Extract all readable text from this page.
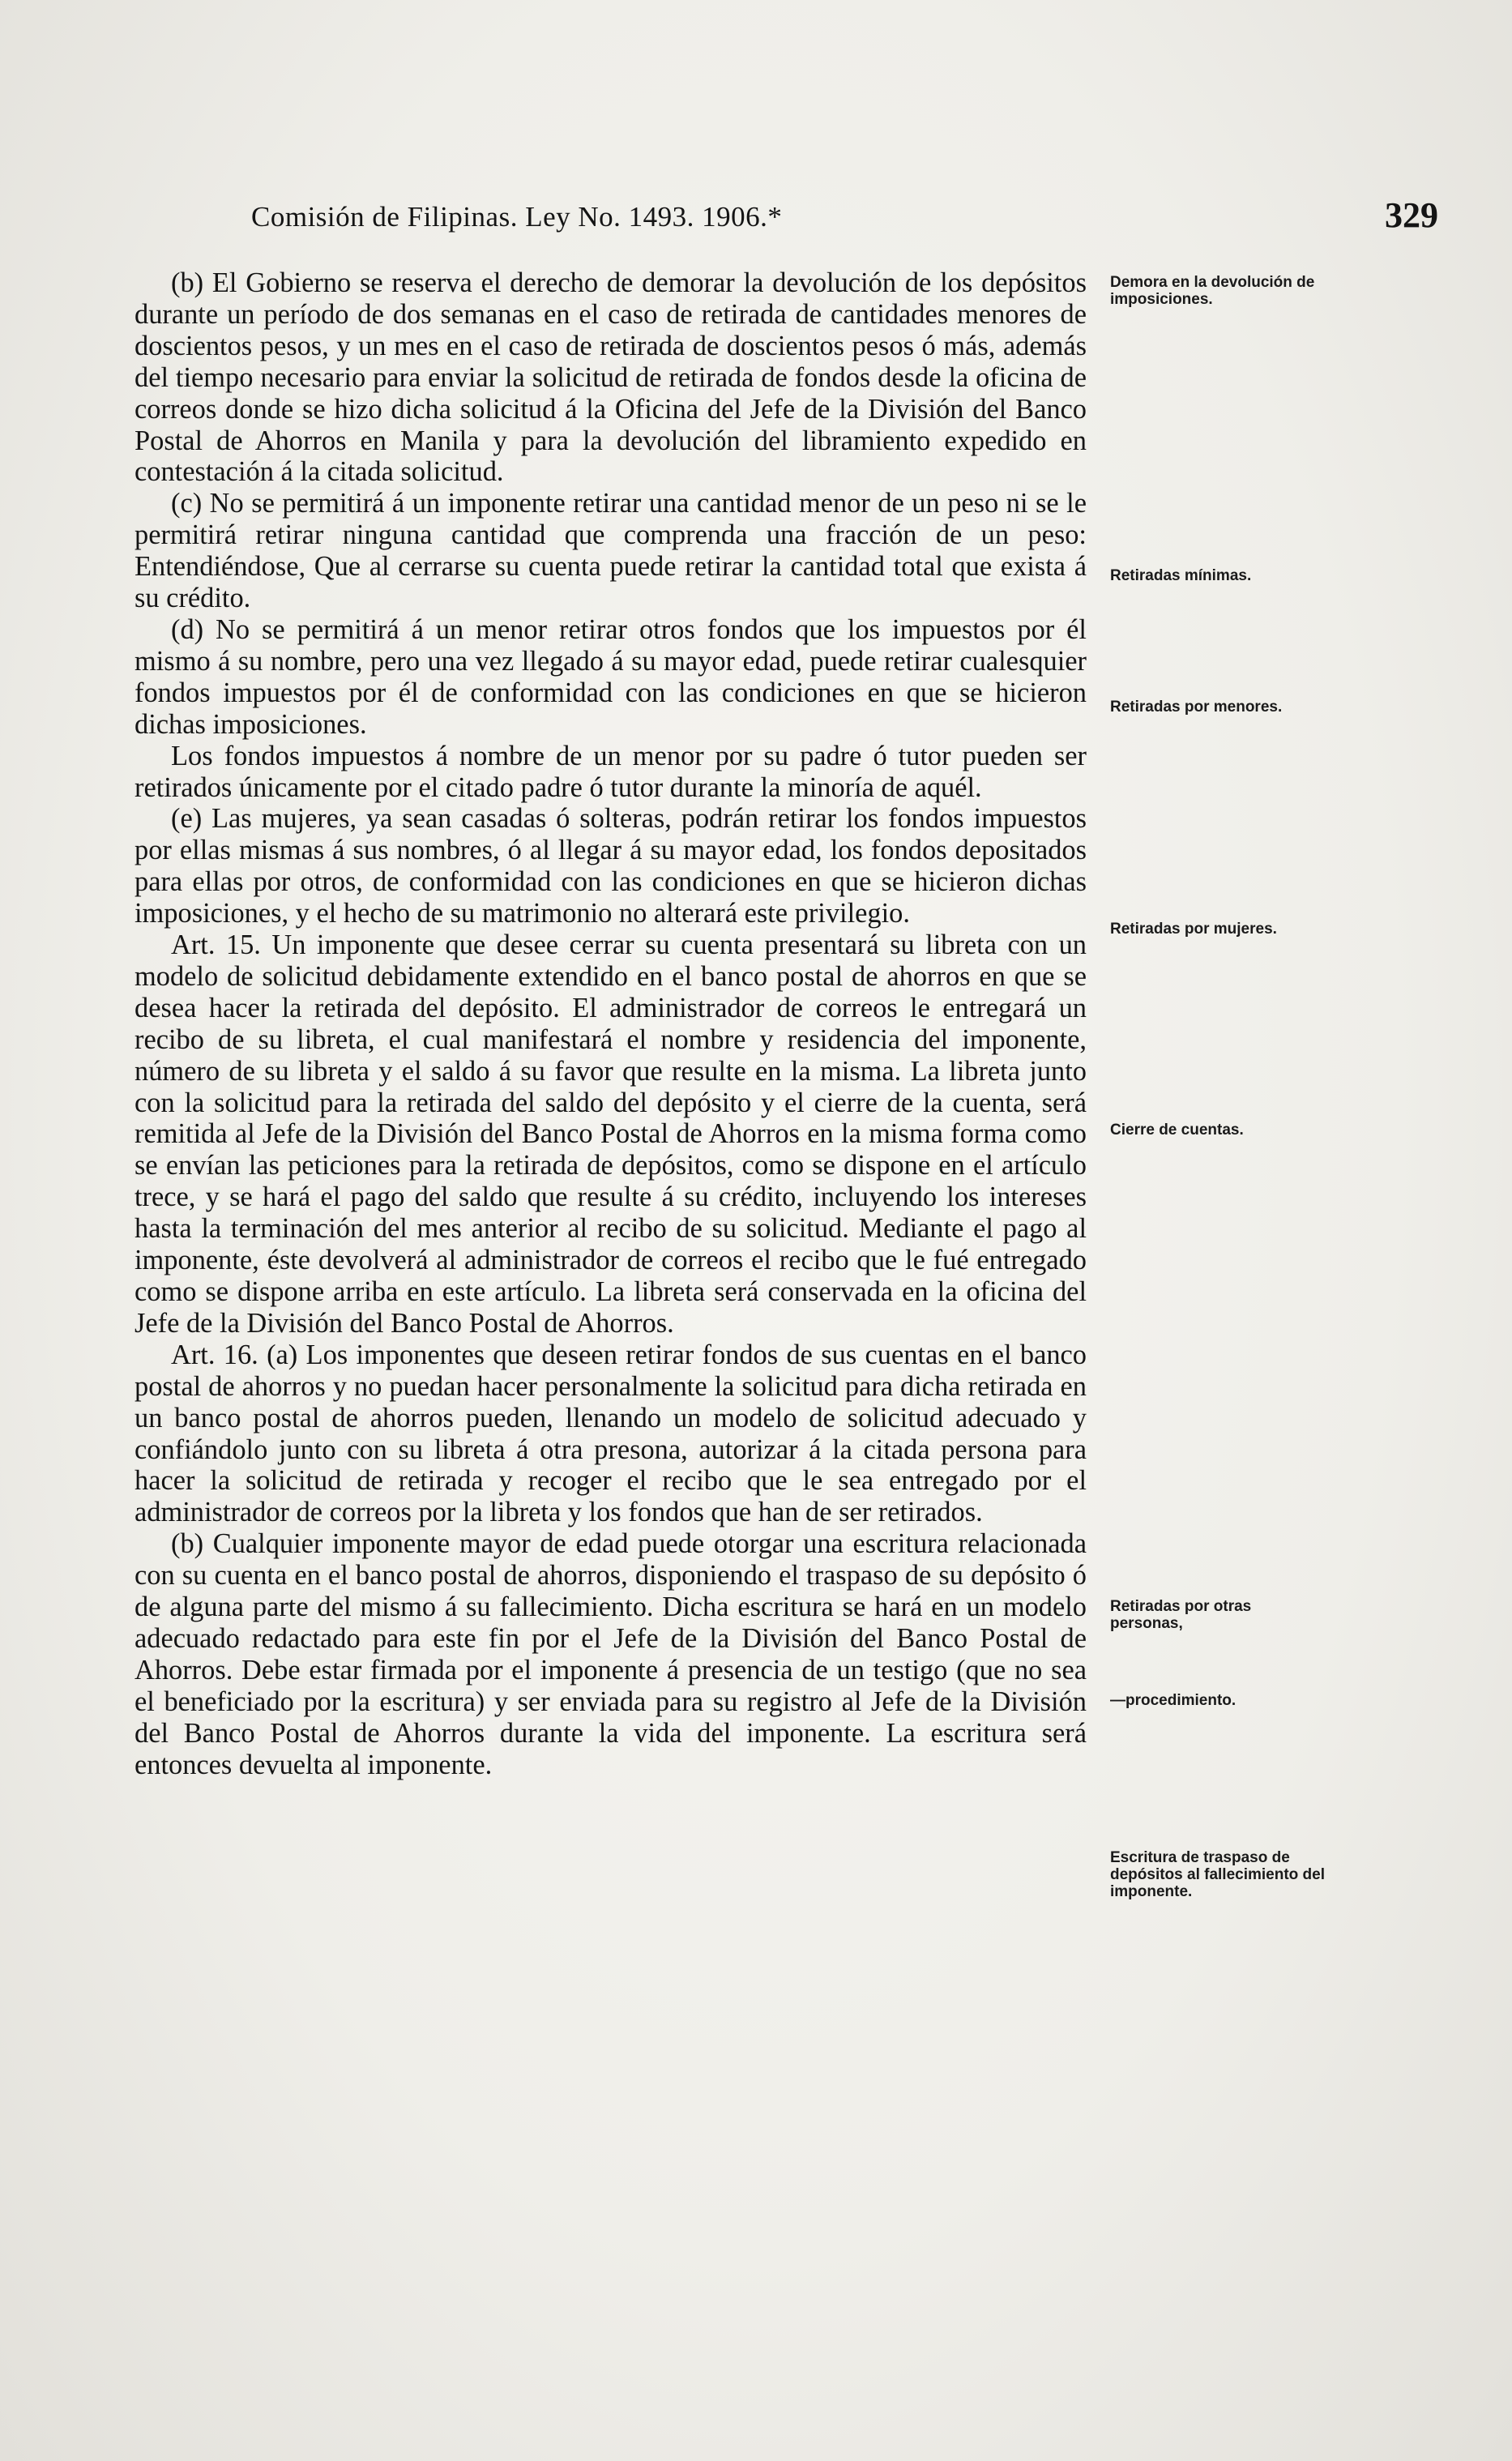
Comisión de Filipinas. Ley No. 1493. 1906.*	329

(b) El Gobierno se reserva el derecho de demorar la devolución de los depósitos durante un período de dos semanas en el caso de retirada de cantidades menores de doscientos pesos, y un mes en el caso de retirada de doscientos pesos ó más, además del tiempo necesario para enviar la solicitud de retirada de fondos desde la oficina de correos donde se hizo dicha solicitud á la Oficina del Jefe de la División del Banco Postal de Ahorros en Manila y para la devolución del libramiento expedido en contestación á la citada solicitud.

(c) No se permitirá á un imponente retirar una cantidad menor de un peso ni se le permitirá retirar ninguna cantidad que comprenda una fracción de un peso: Entendiéndose, Que al cerrarse su cuenta puede retirar la cantidad total que exista á su crédito.

(d) No se permitirá á un menor retirar otros fondos que los impuestos por él mismo á su nombre, pero una vez llegado á su mayor edad, puede retirar cualesquier fondos impuestos por él de conformidad con las condiciones en que se hicieron dichas imposiciones.

Los fondos impuestos á nombre de un menor por su padre ó tutor pueden ser retirados únicamente por el citado padre ó tutor durante la minoría de aquél.

(e) Las mujeres, ya sean casadas ó solteras, podrán retirar los fondos impuestos por ellas mismas á sus nombres, ó al llegar á su mayor edad, los fondos depositados para ellas por otros, de conformidad con las condiciones en que se hicieron dichas imposiciones, y el hecho de su matrimonio no alterará este privilegio.

Art. 15. Un imponente que desee cerrar su cuenta presentará su libreta con un modelo de solicitud debidamente extendido en el banco postal de ahorros en que se desea hacer la retirada del depósito. El administrador de correos le entregará un recibo de su libreta, el cual manifestará el nombre y residencia del imponente, número de su libreta y el saldo á su favor que resulte en la misma. La libreta junto con la solicitud para la retirada del saldo del depósito y el cierre de la cuenta, será remitida al Jefe de la División del Banco Postal de Ahorros en la misma forma como se envían las peticiones para la retirada de depósitos, como se dispone en el artículo trece, y se hará el pago del saldo que resulte á su crédito, incluyendo los intereses hasta la terminación del mes anterior al recibo de su solicitud. Mediante el pago al imponente, éste devolverá al administrador de correos el recibo que le fué entregado como se dispone arriba en este artículo. La libreta será conservada en la oficina del Jefe de la División del Banco Postal de Ahorros.

Art. 16. (a) Los imponentes que deseen retirar fondos de sus cuentas en el banco postal de ahorros y no puedan hacer personalmente la solicitud para dicha retirada en un banco postal de ahorros pueden, llenando un modelo de solicitud adecuado y confiándolo junto con su libreta á otra presona, autorizar á la citada persona para hacer la solicitud de retirada y recoger el recibo que le sea entregado por el administrador de correos por la libreta y los fondos que han de ser retirados.

(b) Cualquier imponente mayor de edad puede otorgar una escritura relacionada con su cuenta en el banco postal de ahorros, disponiendo el traspaso de su depósito ó de alguna parte del mismo á su fallecimiento. Dicha escritura se hará en un modelo adecuado redactado para este fin por el Jefe de la División del Banco Postal de Ahorros. Debe estar firmada por el imponente á presencia de un testigo (que no sea el beneficiado por la escritura) y ser enviada para su registro al Jefe de la División del Banco Postal de Ahorros durante la vida del imponente. La escritura será entonces devuelta al imponente.

Demora en la devolución de imposiciones.
Retiradas mínimas.
Retiradas por menores.
Retiradas por mujeres.
Cierre de cuentas.
Retiradas por otras personas,
—procedimiento.
Escritura de traspaso de depósitos al fallecimiento del imponente.
